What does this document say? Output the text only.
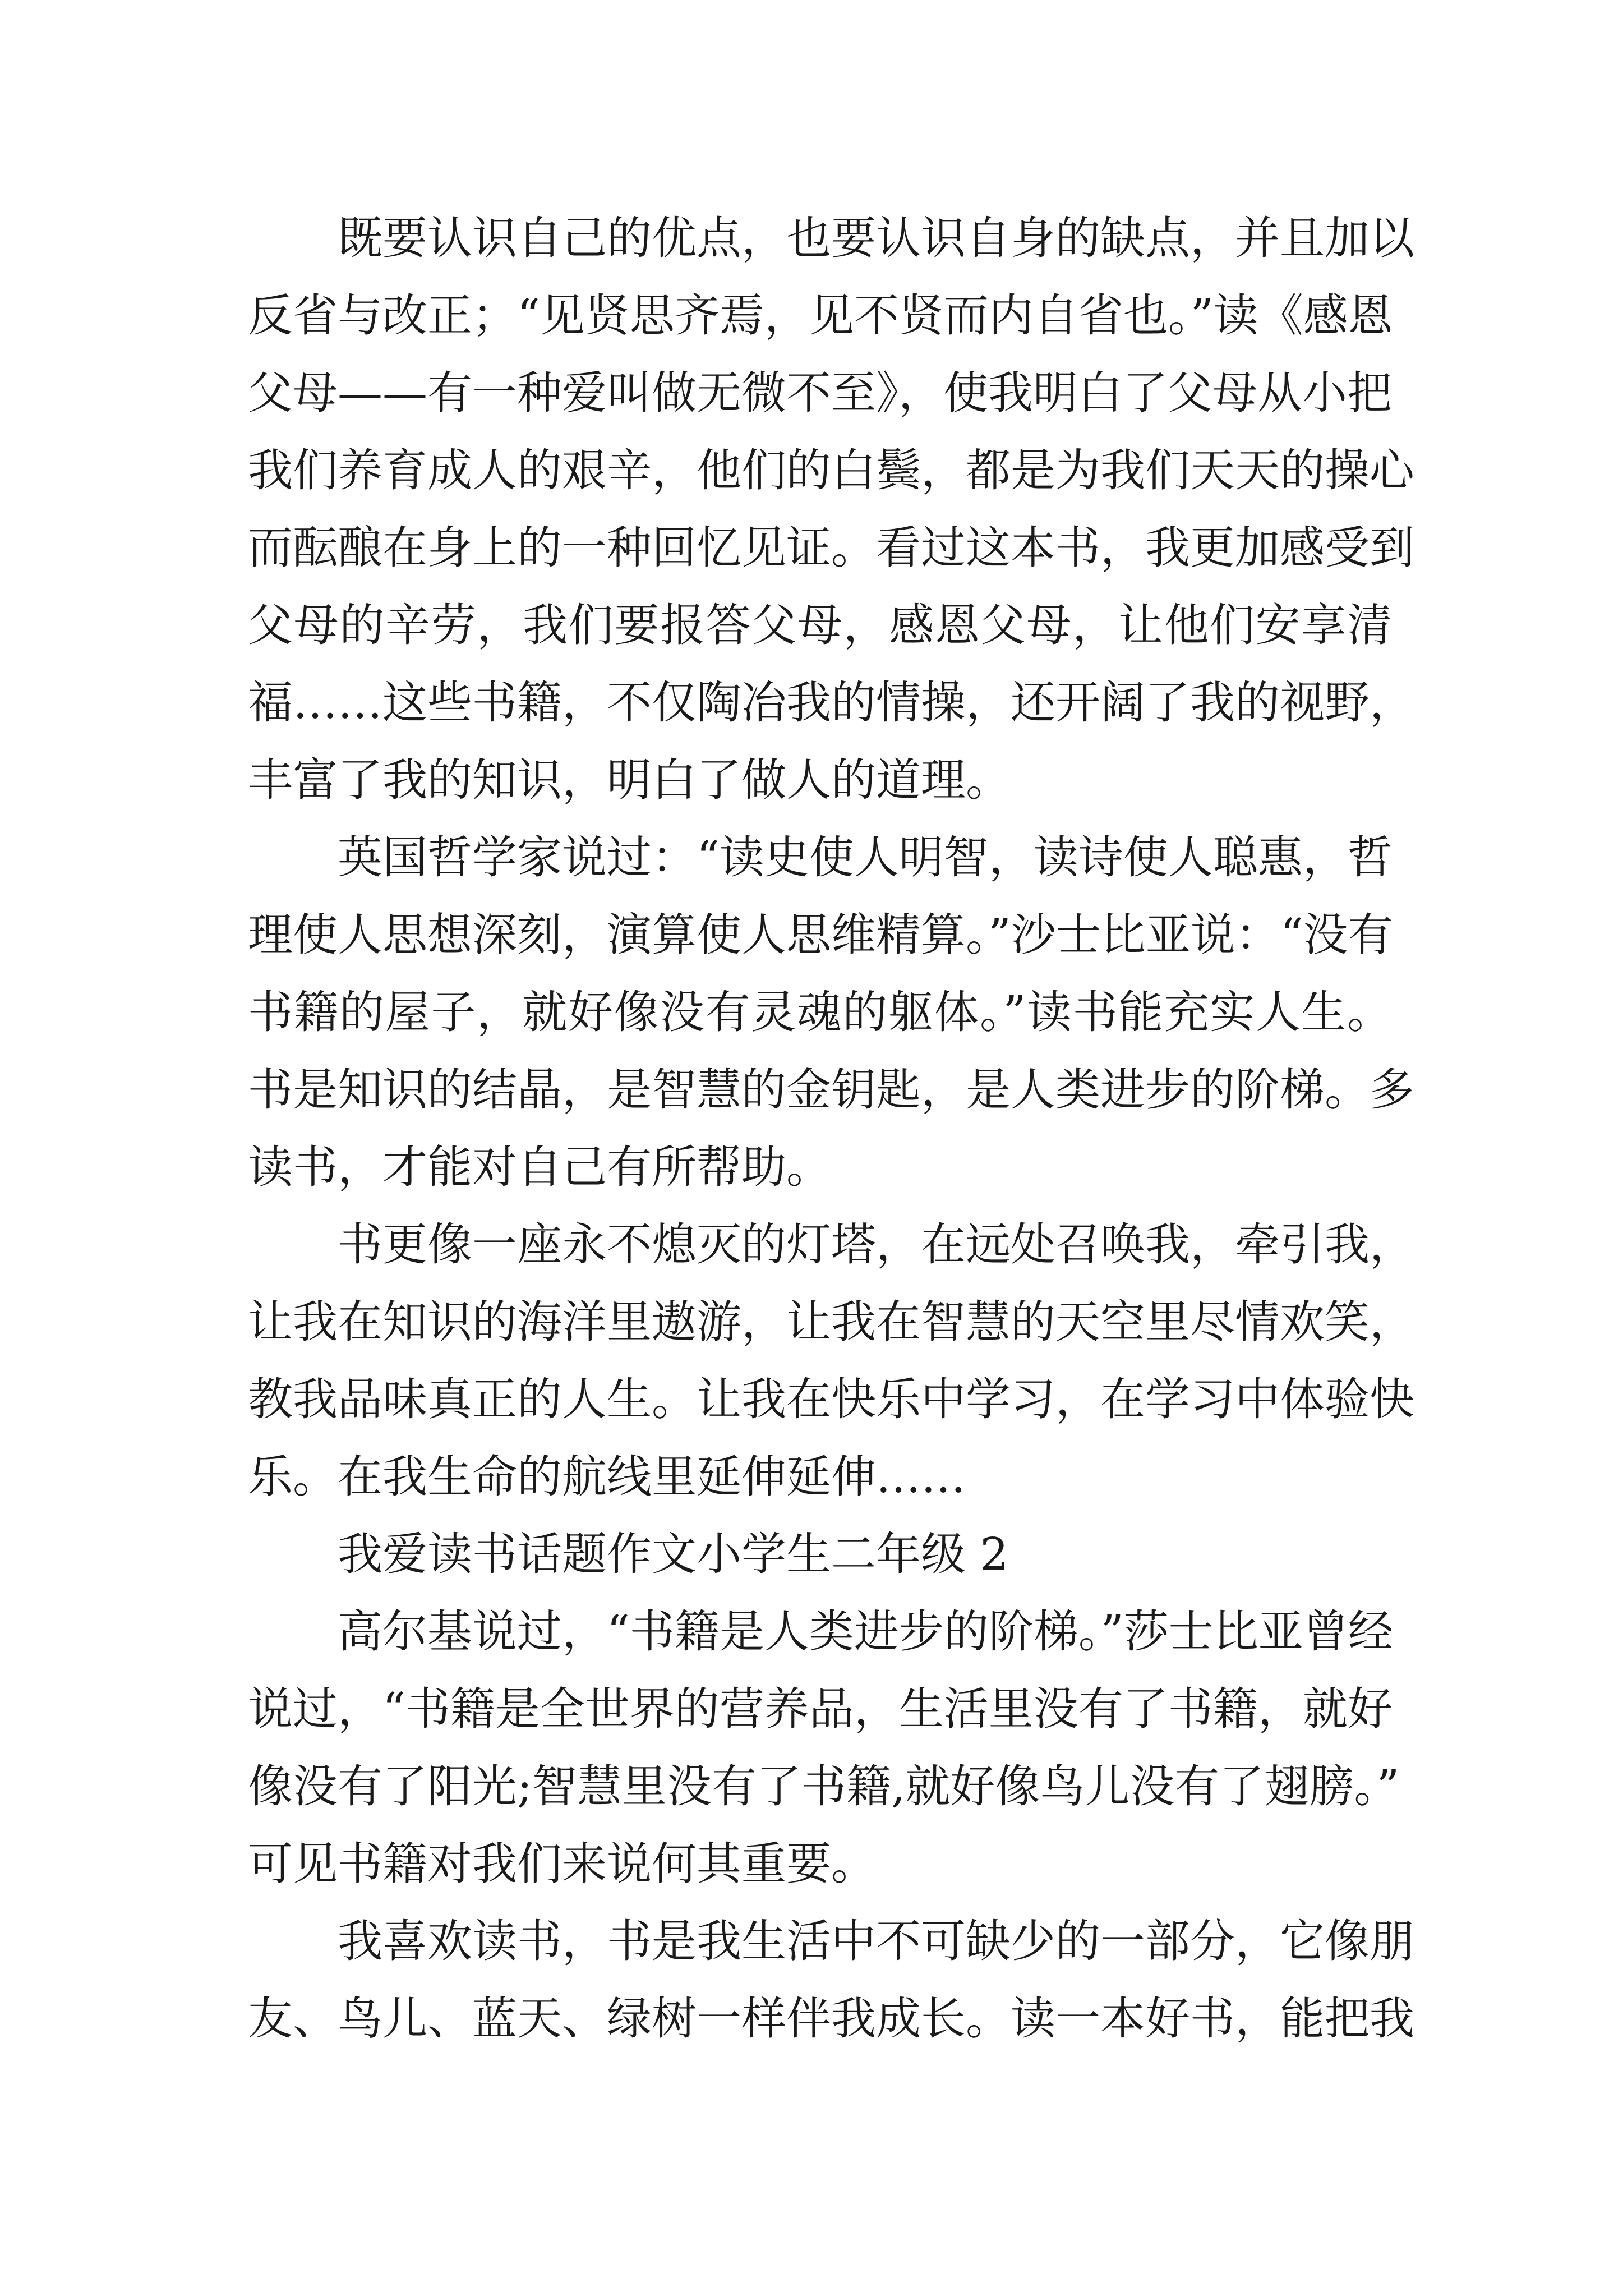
既要认识自己的优点，也要认识自身的缺点，并且加以
反省与改正；“见贤思齐焉，见不贤而内自省也。”读《感恩
父母——有一种爱叫做无微不至》，使我明白了父母从小把
我们养育成人的艰辛，他们的白鬓，都是为我们天天的操心
而酝酿在身上的一种回忆见证。看过这本书，我更加感受到
父母的辛劳，我们要报答父母，感恩父母，让他们安享清
福……这些书籍，不仅陶冶我的情操，还开阔了我的视野，
丰富了我的知识，明白了做人的道理。
英国哲学家说过：“读史使人明智，读诗使人聪惠，哲
理使人思想深刻，演算使人思维精算。”沙士比亚说：“没有
书籍的屋子，就好像没有灵魂的躯体。”读书能充实人生。
书是知识的结晶，是智慧的金钥匙，是人类进步的阶梯。多
读书，才能对自己有所帮助。
书更像一座永不熄灭的灯塔，在远处召唤我，牵引我，
让我在知识的海洋里遨游，让我在智慧的天空里尽情欢笑，
教我品味真正的人生。让我在快乐中学习，在学习中体验快
乐。在我生命的航线里延伸延伸……
我爱读书话题作文小学生二年级 2
高尔基说过，“书籍是人类进步的阶梯。”莎士比亚曾经
说过，“书籍是全世界的营养品，生活里没有了书籍，就好
像没有了阳光;智慧里没有了书籍,就好像鸟儿没有了翅膀。”
可见书籍对我们来说何其重要。
我喜欢读书，书是我生活中不可缺少的一部分，它像朋
友、鸟儿、蓝天、绿树一样伴我成长。读一本好书，能把我
